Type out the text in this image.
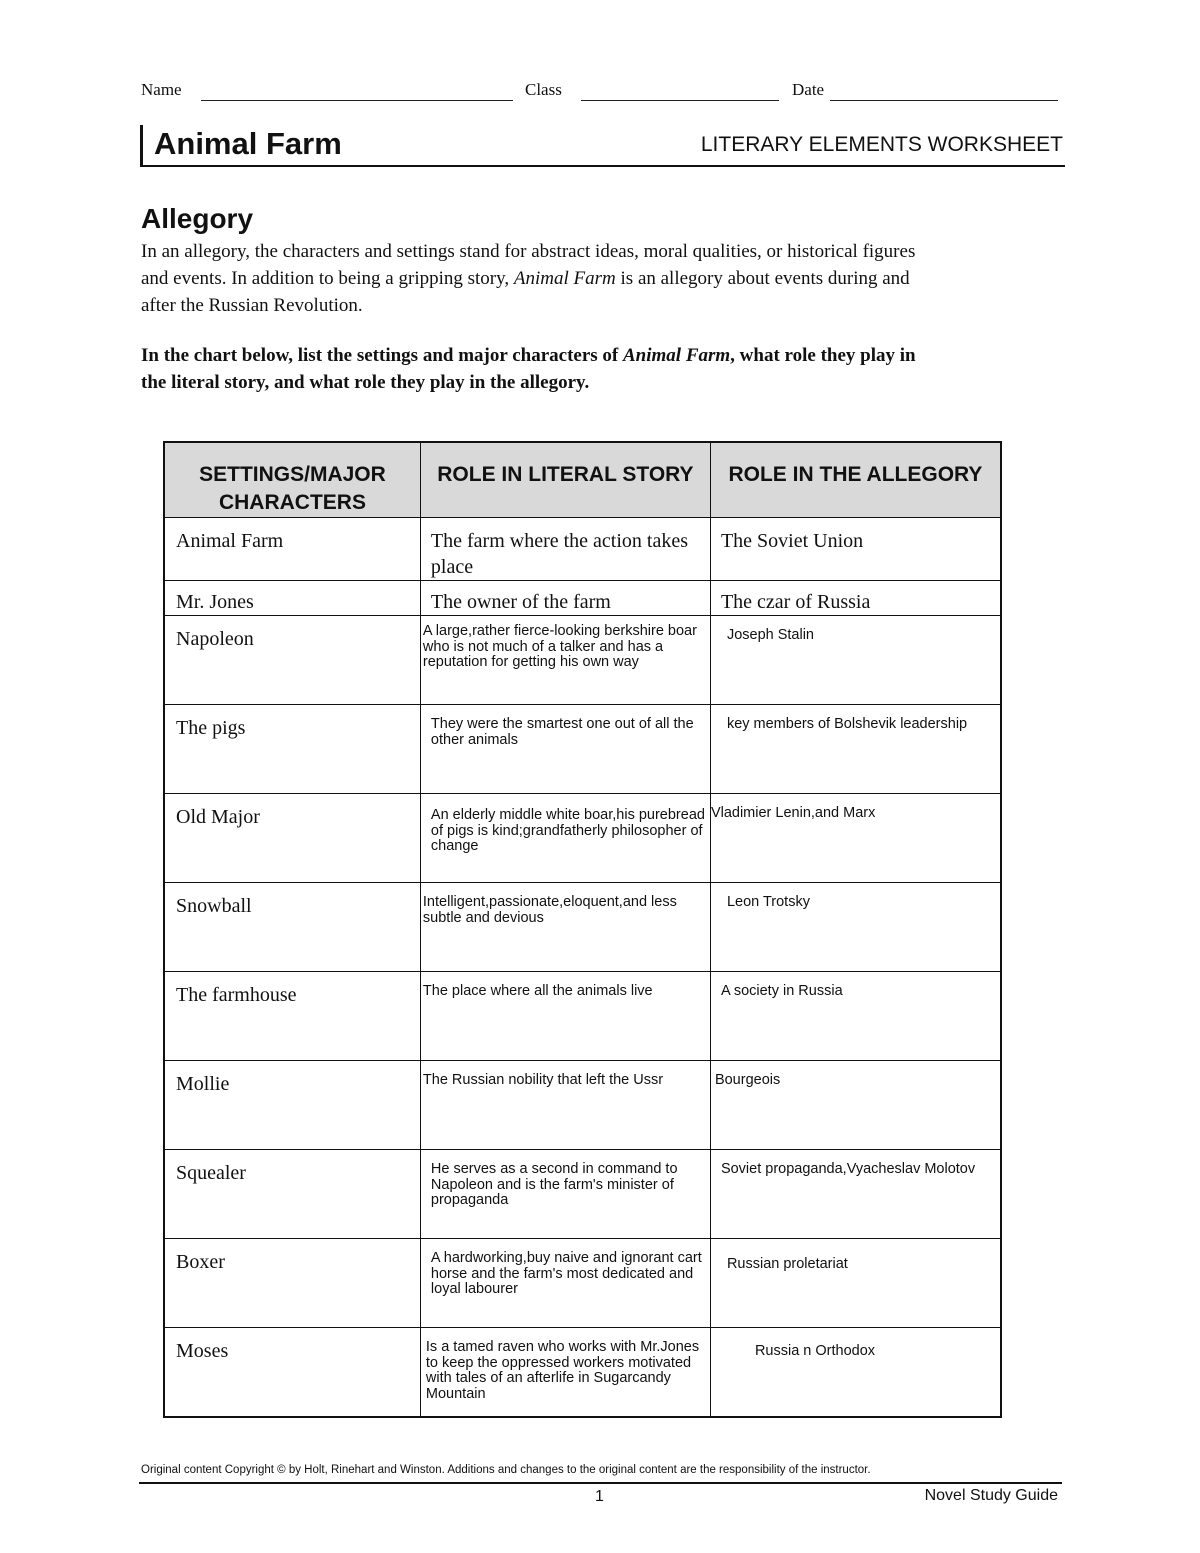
Name	Class	Date
Animal Farm	LITERARY ELEMENTS WORKSHEET
Allegory
In an allegory, the characters and settings stand for abstract ideas, moral qualities, or historical figures and events. In addition to being a gripping story, Animal Farm is an allegory about events during and after the Russian Revolution.
In the chart below, list the settings and major characters of Animal Farm, what role they play in the literal story, and what role they play in the allegory.
SETTINGS/MAJOR CHARACTERS	ROLE IN LITERAL STORY	ROLE IN THE ALLEGORY
Animal Farm	The farm where the action takes place	The Soviet Union
Mr. Jones	The owner of the farm	The czar of Russia
Napoleon	A large,rather fierce-looking berkshire boar who is not much of a talker and has a reputation for getting his own way	Joseph Stalin
The pigs	They were the smartest one out of all the other animals	key members of Bolshevik leadership
Old Major	An elderly middle white boar,his purebread of pigs is kind;grandfatherly philosopher of change	Vladimier Lenin,and Marx
Snowball	Intelligent,passionate,eloquent,and less subtle and devious	Leon Trotsky
The farmhouse	The place where all the animals live	A society in Russia
Mollie	The Russian nobility that left the Ussr	Bourgeois
Squealer	He serves as a second in command to Napoleon and is the farm's minister of propaganda	Soviet propaganda,Vyacheslav Molotov
Boxer	A hardworking,buy naive and ignorant cart horse and the farm's most dedicated and loyal labourer	Russian proletariat
Moses	Is a tamed raven who works with Mr.Jones to keep the oppressed workers motivated with tales of an afterlife in Sugarcandy Mountain	Russia n Orthodox
Original content Copyright © by Holt, Rinehart and Winston. Additions and changes to the original content are the responsibility of the instructor.
1	Novel Study Guide
